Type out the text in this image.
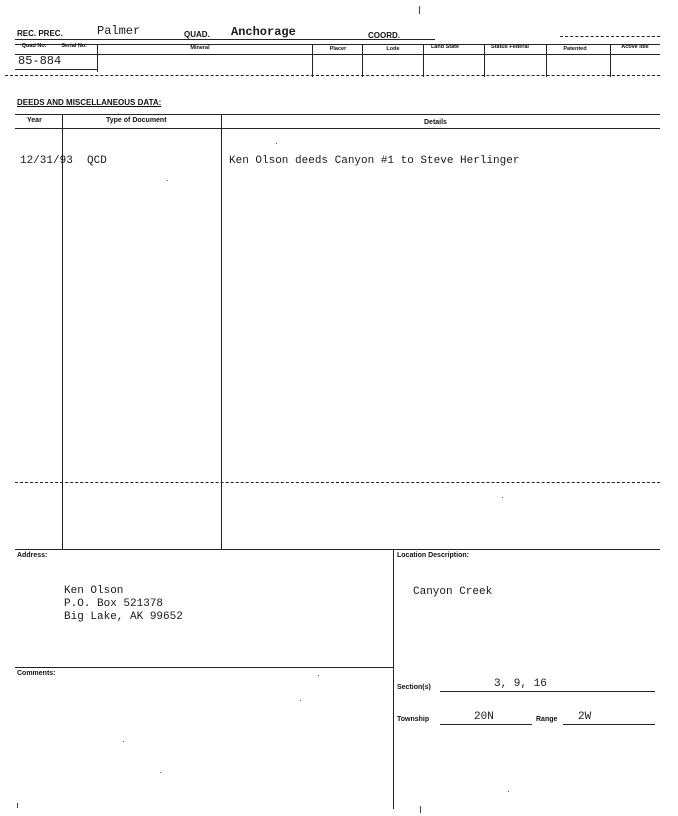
REC. PREC.	Palmer	QUAD. Anchorage	COORD.
Quad No.	Serial No.	Mineral	Placer	Lode	Land State	Status Federal	Patented	Active Idle
85-884
DEEDS AND MISCELLANEOUS DATA:
Year	Type of Document	Details
12/31/93 QCD	Ken Olson deeds Canyon #1 to Steve Herlinger
Address:	Location Description:
Ken Olson
P.O. Box 521378
Big Lake, AK 99652
Canyon Creek
Comments:
Section(s)	3, 9, 16
Township	20N	Range 2W
